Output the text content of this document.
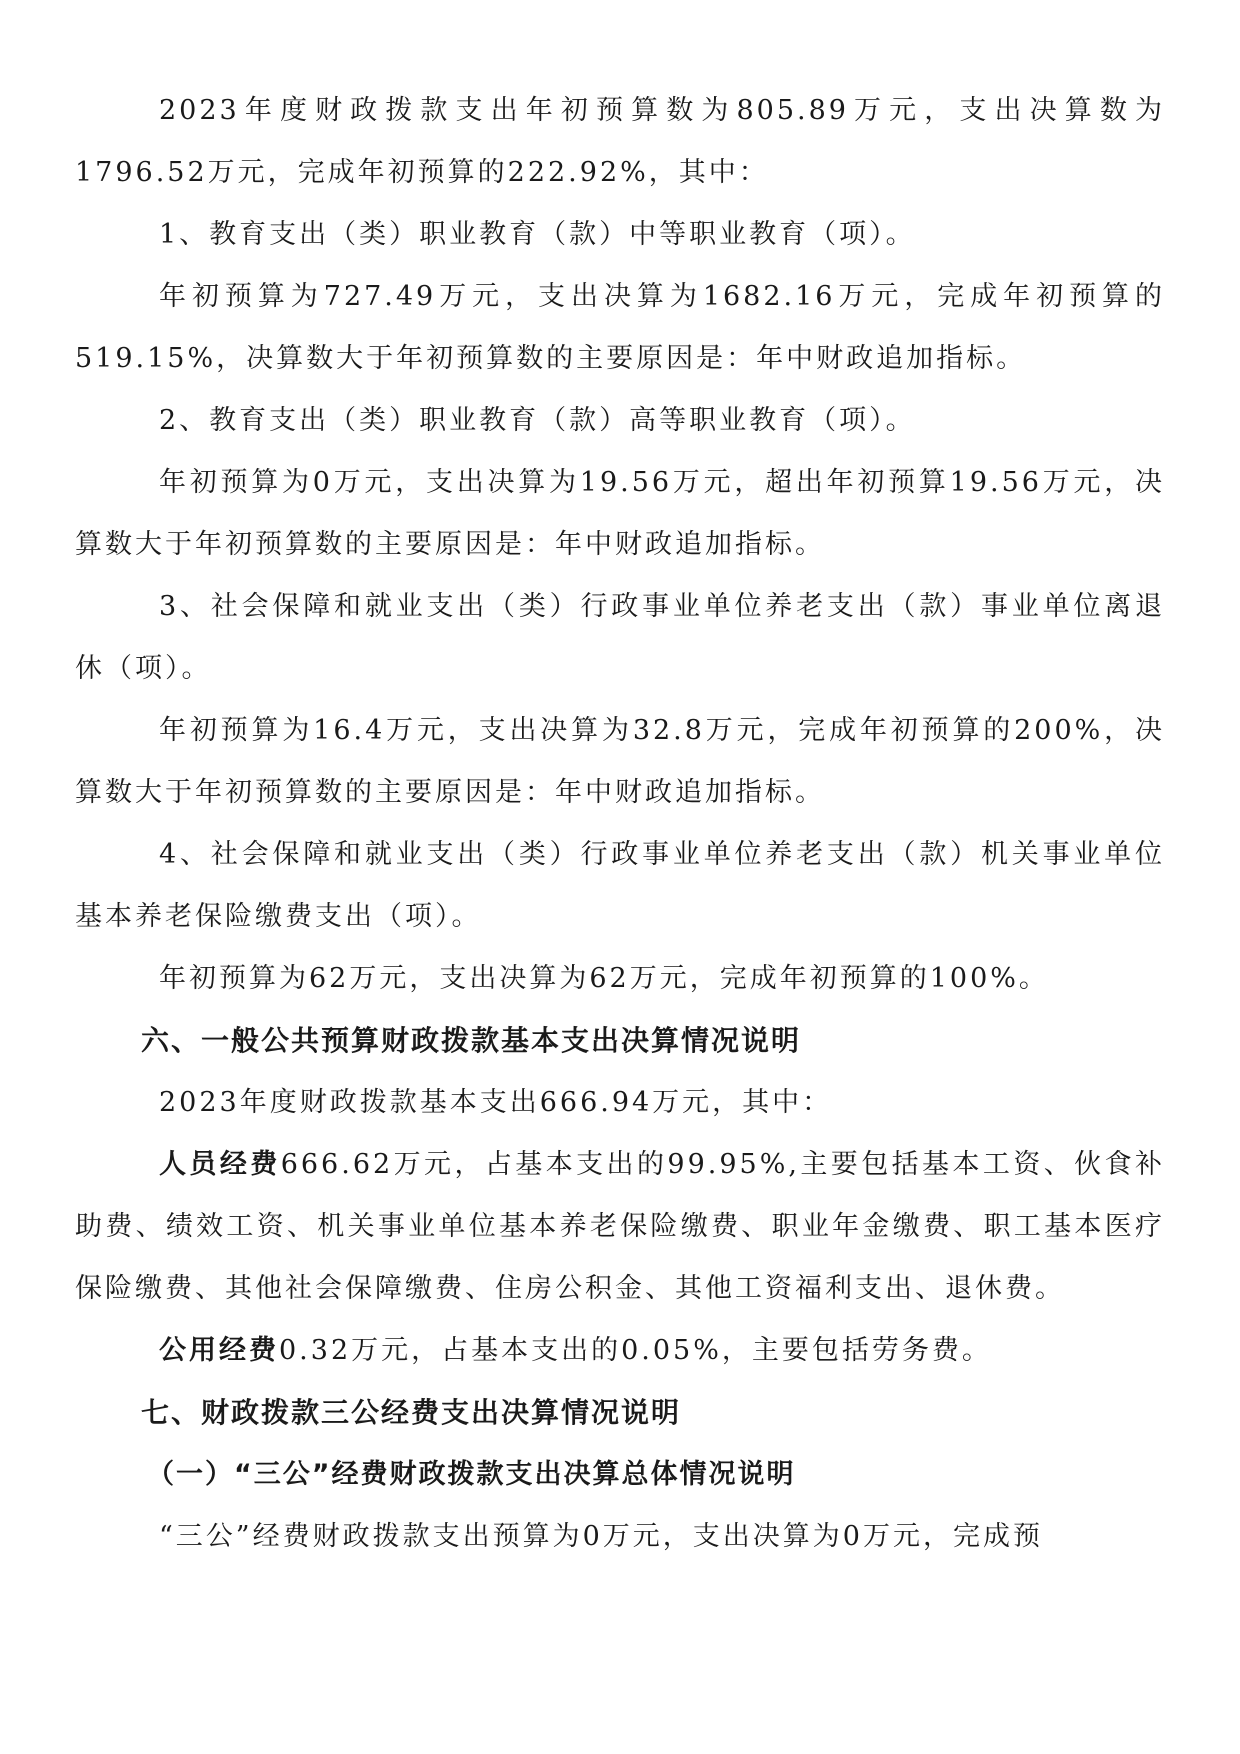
2023年度财政拨款支出年初预算数为805.89万元，支出决算数为1796.52万元，完成年初预算的222.92%，其中：

1、教育支出（类）职业教育（款）中等职业教育（项）。

年初预算为727.49万元，支出决算为1682.16万元，完成年初预算的519.15%，决算数大于年初预算数的主要原因是：年中财政追加指标。

2、教育支出（类）职业教育（款）高等职业教育（项）。

年初预算为0万元，支出决算为19.56万元，超出年初预算19.56万元，决算数大于年初预算数的主要原因是：年中财政追加指标。

3、社会保障和就业支出（类）行政事业单位养老支出（款）事业单位离退休（项）。

年初预算为16.4万元，支出决算为32.8万元，完成年初预算的200%，决算数大于年初预算数的主要原因是：年中财政追加指标。

4、社会保障和就业支出（类）行政事业单位养老支出（款）机关事业单位基本养老保险缴费支出（项）。

年初预算为62万元，支出决算为62万元，完成年初预算的100%。

六、一般公共预算财政拨款基本支出决算情况说明

2023年度财政拨款基本支出666.94万元，其中：

人员经费666.62万元，占基本支出的99.95%,主要包括基本工资、伙食补助费、绩效工资、机关事业单位基本养老保险缴费、职业年金缴费、职工基本医疗保险缴费、其他社会保障缴费、住房公积金、其他工资福利支出、退休费。

公用经费0.32万元，占基本支出的0.05%，主要包括劳务费。

七、财政拨款三公经费支出决算情况说明

（一）“三公”经费财政拨款支出决算总体情况说明

“三公”经费财政拨款支出预算为0万元，支出决算为0万元，完成预
